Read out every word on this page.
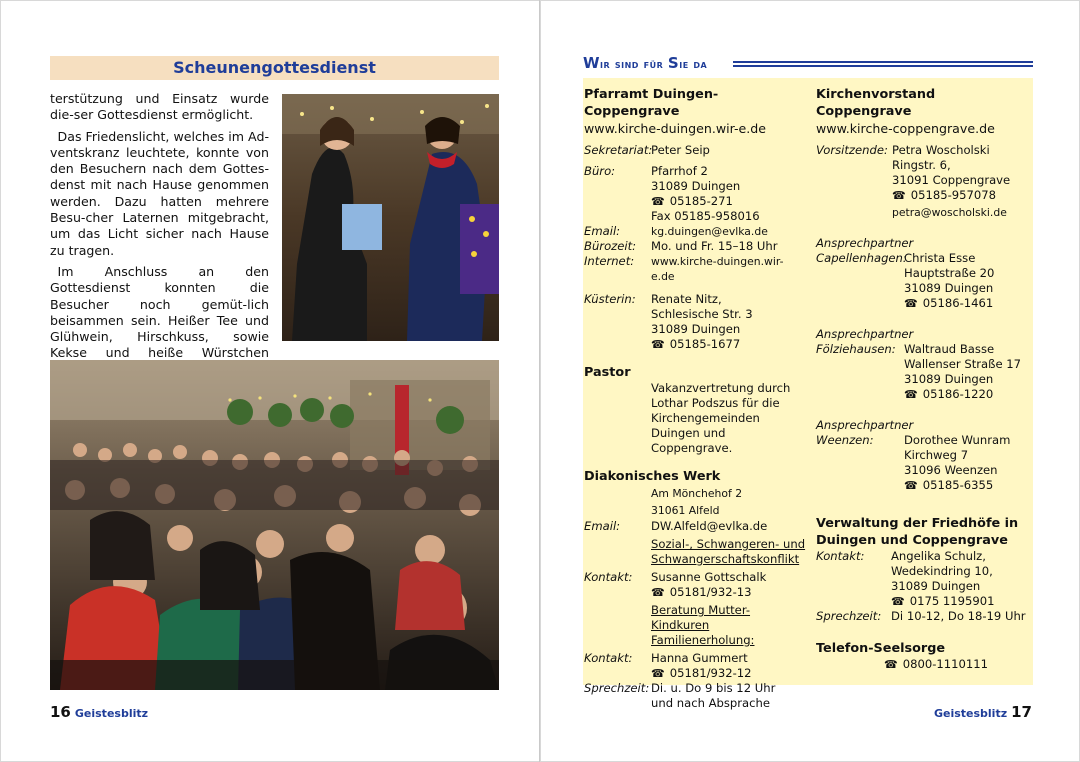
Scheunengottesdienst

terstützung und Einsatz wurde die-ser Gottesdienst ermöglicht.

Das Friedenslicht, welches im Ad-ventskranz leuchtete, konnte von den Besuchern nach dem Gottes-denst mit nach Hause genommen werden. Dazu hatten mehrere Besu-cher Laternen mitgebracht, um das Licht sicher nach Hause zu tragen.

Im Anschluss an den Gottesdienst konnten die Besucher noch gemüt-lich beisammen sein. Heißer Tee und Glühwein, Hirschkuss, sowie Kekse und heiße Würstchen

16 Geistesblitz
Wir sind für Sie da
Pfarramt Duingen-Coppengrave
www.kirche-duingen.wir-e.de
Sekretariat:
Peter Seip
Büro:	Pfarrhof 2
31089 Duingen
☎ 05185-271
Fax 05185-958016
Email:	kg.duingen@evlka.de
Bürozeit: Mo. und Fr. 15–18 Uhr
Internet: www.kirche-duingen.wir-e.de
Küsterin: Renate Nitz,
Schlesische Str. 3
31089 Duingen
☎ 05185-1677
Pastor
Vakanzvertretung durch
Lothar Podszus für die
Kirchengemeinden
Duingen und Coppengrave.
Diakonisches Werk
Am Mönchehof 2
31061 Alfeld
Email:	DW.Alfeld@evlka.de
Sozial-, Schwangeren- und Schwangerschaftskonflikt
Kontakt: Susanne Gottschalk
☎ 05181/932-13
Beratung Mutter-Kindkuren Familienerholung:
Kontakt: Hanna Gummert
☎ 05181/932-12
Sprechzeit: Di. u. Do 9 bis 12 Uhr
und nach Absprache
Kirchenvorstand Coppengrave
www.kirche-coppengrave.de
Vorsitzende: Petra Woscholski
Ringstr. 6,
31091 Coppengrave
☎ 05185-957078
petra@woscholski.de
Ansprechpartner
Capellenhagen:
Christa Esse
Hauptstraße 20
31089 Duingen
☎ 05186-1461
Ansprechpartner
Fölziehausen: Waltraud Basse
Wallenser Straße 17
31089 Duingen
☎ 05186-1220
Ansprechpartner
Weenzen:	Dorothee Wunram
Kirchweg 7
31096 Weenzen
☎ 05185-6355
Verwaltung der Friedhöfe in Duingen und Coppengrave
Kontakt: Angelika Schulz,
Wedekindring 10,
31089 Duingen
☎ 0175 1195901
Sprechzeit: Di 10-12, Do 18-19 Uhr
Telefon-Seelsorge
☎ 0800-1110111
Geistesblitz 17
